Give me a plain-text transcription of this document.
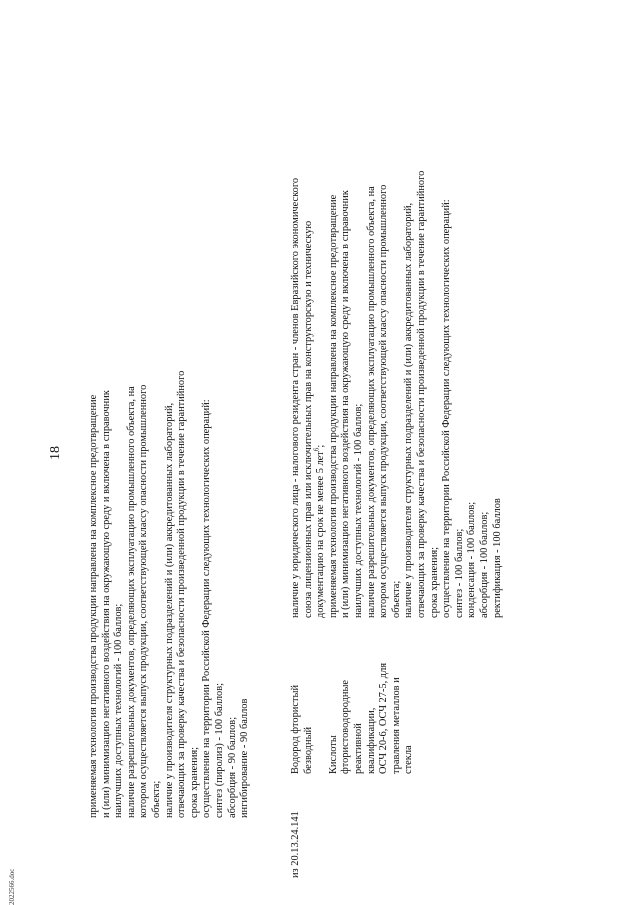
18
2022566.doc
применяемая технология производства продукции направлена на комплексное предотвращение и (или) минимизацию негативного воздействия на окружающую среду и включена в справочник наилучших доступных технологий - 100 баллов; наличие разрешительных документов, определяющих эксплуатацию промышленного объекта, на котором осуществляется выпуск продукции, соответствующей классу опасности промышленного объекта; наличие у производителя структурных подразделений и (или) аккредитованных лабораторий, отвечающих за проверку качества и безопасности произведенной продукции в течение гарантийного срока хранения; осуществление на территории Российской Федерации следующих технологических операций: синтез (пиролиз) - 100 баллов; абсорбция - 90 баллов; ингибирование - 90 баллов
из 20.13.24.141
Водород фтористый безводный
Кислоты фтористоводородные реактивной квалификации, ОСЧ 20-6, ОСЧ 27-5, для травления металлов и стекла
наличие у юридического лица - налогового резидента стран - членов Евразийского экономического союза лицензионных прав или исключительных прав на конструкторскую и техническую документацию на срок не менее 5 лет$^6$; применяемая технология производства продукции направлена на комплексное предотвращение и (или) минимизацию негативного воздействия на окружающую среду и включена в справочник наилучших доступных технологий - 100 баллов; наличие разрешительных документов, определяющих эксплуатацию промышленного объекта, на котором осуществляется выпуск продукции, соответствующей классу опасности промышленного объекта; наличие у производителя структурных подразделений и (или) аккредитованных лабораторий, отвечающих за проверку качества и безопасности произведенной продукции в течение гарантийного срока хранения; осуществление на территории Российской Федерации следующих технологических операций: синтез - 100 баллов; конденсация - 100 баллов; абсорбция - 100 баллов; ректификация - 100 баллов
